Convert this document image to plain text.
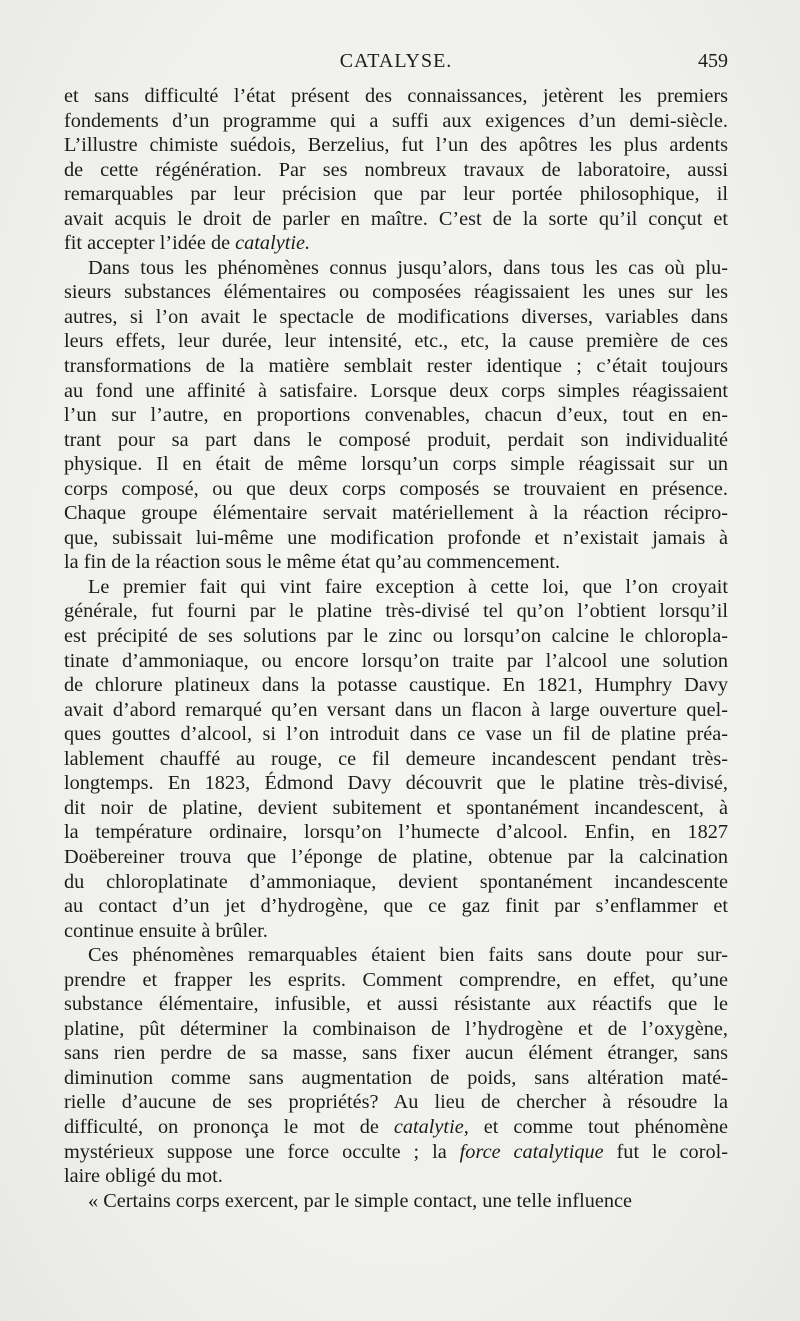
CATALYSE.	459
et sans difficulté l’état présent des connaissances, jetèrent les premiers
fondements d’un programme qui a suffi aux exigences d’un demi-siècle.
L’illustre chimiste suédois, Berzelius, fut l’un des apôtres les plus ardents
de cette régénération. Par ses nombreux travaux de laboratoire, aussi
remarquables par leur précision que par leur portée philosophique, il
avait acquis le droit de parler en maître. C’est de la sorte qu’il conçut et
fit accepter l’idée de catalytie.
Dans tous les phénomènes connus jusqu’alors, dans tous les cas où plu-
sieurs substances élémentaires ou composées réagissaient les unes sur les
autres, si l’on avait le spectacle de modifications diverses, variables dans
leurs effets, leur durée, leur intensité, etc., etc, la cause première de ces
transformations de la matière semblait rester identique ; c’était toujours
au fond une affinité à satisfaire. Lorsque deux corps simples réagissaient
l’un sur l’autre, en proportions convenables, chacun d’eux, tout en en-
trant pour sa part dans le composé produit, perdait son individualité
physique. Il en était de même lorsqu’un corps simple réagissait sur un
corps composé, ou que deux corps composés se trouvaient en présence.
Chaque groupe élémentaire servait matériellement à la réaction récipro-
que, subissait lui-même une modification profonde et n’existait jamais à
la fin de la réaction sous le même état qu’au commencement.
Le premier fait qui vint faire exception à cette loi, que l’on croyait
générale, fut fourni par le platine très-divisé tel qu’on l’obtient lorsqu’il
est précipité de ses solutions par le zinc ou lorsqu’on calcine le chloropla-
tinate d’ammoniaque, ou encore lorsqu’on traite par l’alcool une solution
de chlorure platineux dans la potasse caustique. En 1821, Humphry Davy
avait d’abord remarqué qu’en versant dans un flacon à large ouverture quel-
ques gouttes d’alcool, si l’on introduit dans ce vase un fil de platine préa-
lablement chauffé au rouge, ce fil demeure incandescent pendant très-
longtemps. En 1823, Édmond Davy découvrit que le platine très-divisé,
dit noir de platine, devient subitement et spontanément incandescent, à
la température ordinaire, lorsqu’on l’humecte d’alcool. Enfin, en 1827
Doëbereiner trouva que l’éponge de platine, obtenue par la calcination
du chloroplatinate d’ammoniaque, devient spontanément incandescente
au contact d’un jet d’hydrogène, que ce gaz finit par s’enflammer et
continue ensuite à brûler.
Ces phénomènes remarquables étaient bien faits sans doute pour sur-
prendre et frapper les esprits. Comment comprendre, en effet, qu’une
substance élémentaire, infusible, et aussi résistante aux réactifs que le
platine, pût déterminer la combinaison de l’hydrogène et de l’oxygène,
sans rien perdre de sa masse, sans fixer aucun élément étranger, sans
diminution comme sans augmentation de poids, sans altération maté-
rielle d’aucune de ses propriétés? Au lieu de chercher à résoudre la
difficulté, on prononça le mot de catalytie, et comme tout phénomène
mystérieux suppose une force occulte ; la force catalytique fut le corol-
laire obligé du mot.
« Certains corps exercent, par le simple contact, une telle influence
